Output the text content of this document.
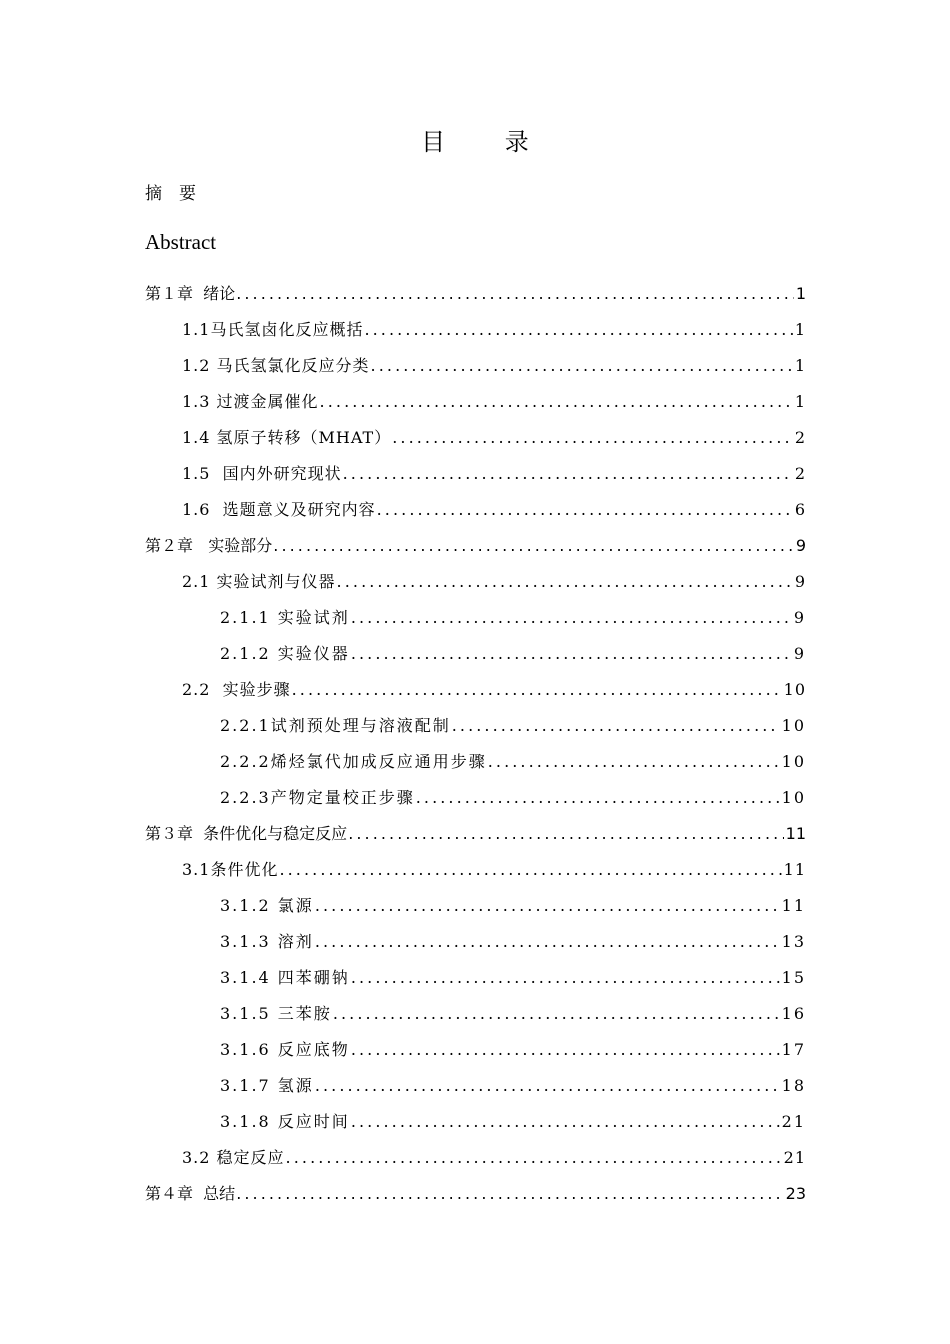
目 录
摘　要
Abstract
第１章  绪论 . . .	1
1.1马氏氢卤化反应概括 . . .	1
1.2 马氏氢氯化反应分类 . . .	1
1.3 过渡金属催化 . . .	1
1.4 氢原子转移（MHAT） . . .	2
1.5  国内外研究现状 . . .	2
1.6  选题意义及研究内容 . . .	6
第２章   实验部分 . . .	9
2.1 实验试剂与仪器 . . .	9
2.1.1 实验试剂 . . .	9
2.1.2 实验仪器 . . .	9
2.2  实验步骤 . . .	10
2.2.1试剂预处理与溶液配制 . . .	10
2.2.2烯烃氯代加成反应通用步骤 . . .	10
2.2.3产物定量校正步骤 . . .	10
第３章  条件优化与稳定反应 . . .	11
3.1条件优化 . . .	11
3.1.2 氯源 . . .	11
3.1.3 溶剂 . . .	13
3.1.4 四苯硼钠 . . .	15
3.1.5 三苯胺 . . .	16
3.1.6 反应底物 . . .	17
3.1.7 氢源 . . .	18
3.1.8 反应时间 . . .	21
3.2 稳定反应 . . .	21
第４章  总结 . . .	23
